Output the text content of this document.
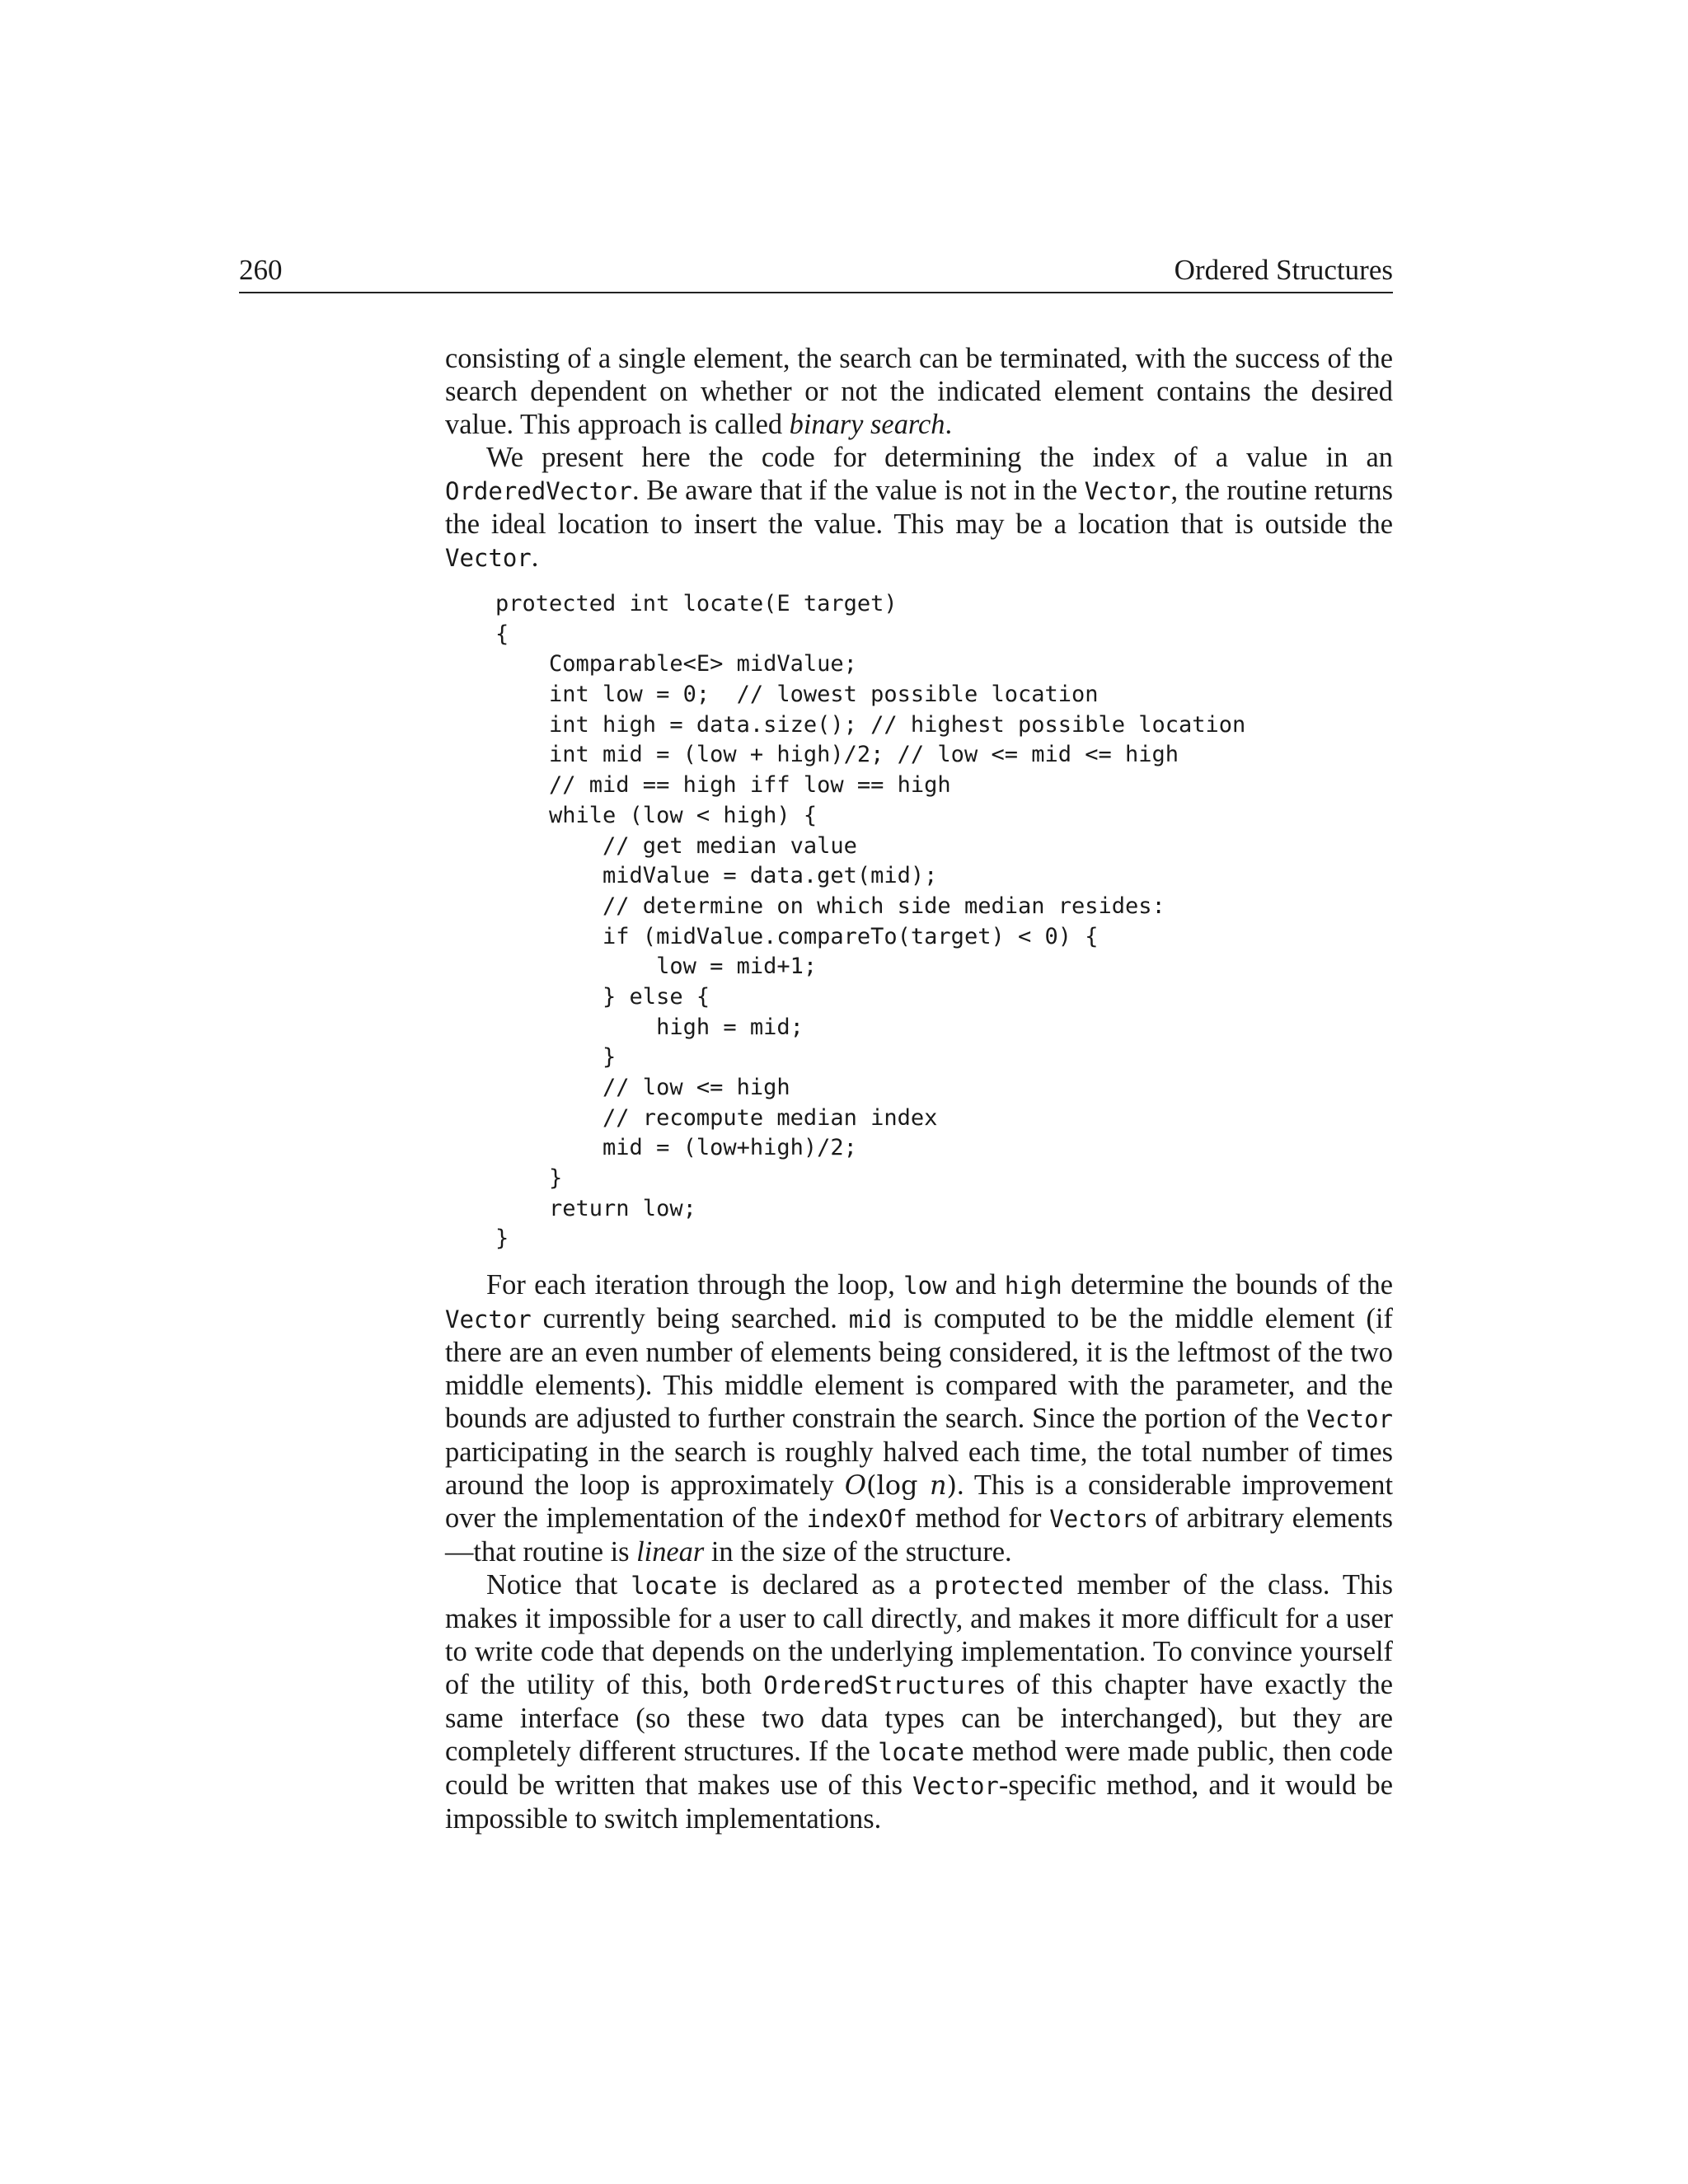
260	Ordered Structures

consisting of a single element, the search can be terminated, with the success of the search dependent on whether or not the indicated element contains the desired value. This approach is called binary search.

We present here the code for determining the index of a value in an OrderedVector. Be aware that if the value is not in the Vector, the routine returns the ideal location to insert the value. This may be a location that is outside the Vector.

protected int locate(E target)
{
Comparable<E> midValue;
int low = 0;  // lowest possible location
int high = data.size(); // highest possible location
int mid = (low + high)/2; // low <= mid <= high
// mid == high iff low == high
while (low < high) {
// get median value
midValue = data.get(mid);
// determine on which side median resides:
if (midValue.compareTo(target) < 0) {
low = mid+1;
} else {
high = mid;
}
// low <= high
// recompute median index
mid = (low+high)/2;
}
return low;
}

For each iteration through the loop, low and high determine the bounds of the Vector currently being searched. mid is computed to be the middle element (if there are an even number of elements being considered, it is the leftmost of the two middle elements). This middle element is compared with the parameter, and the bounds are adjusted to further constrain the search. Since the portion of the Vector participating in the search is roughly halved each time, the total number of times around the loop is approximately O(log n). This is a considerable improvement over the implementation of the indexOf method for Vectors of arbitrary elements—that routine is linear in the size of the structure.

Notice that locate is declared as a protected member of the class. This makes it impossible for a user to call directly, and makes it more difficult for a user to write code that depends on the underlying implementation. To convince yourself of the utility of this, both OrderedStructures of this chapter have exactly the same interface (so these two data types can be interchanged), but they are completely different structures. If the locate method were made public, then code could be written that makes use of this Vector-specific method, and it would be impossible to switch implementations.
